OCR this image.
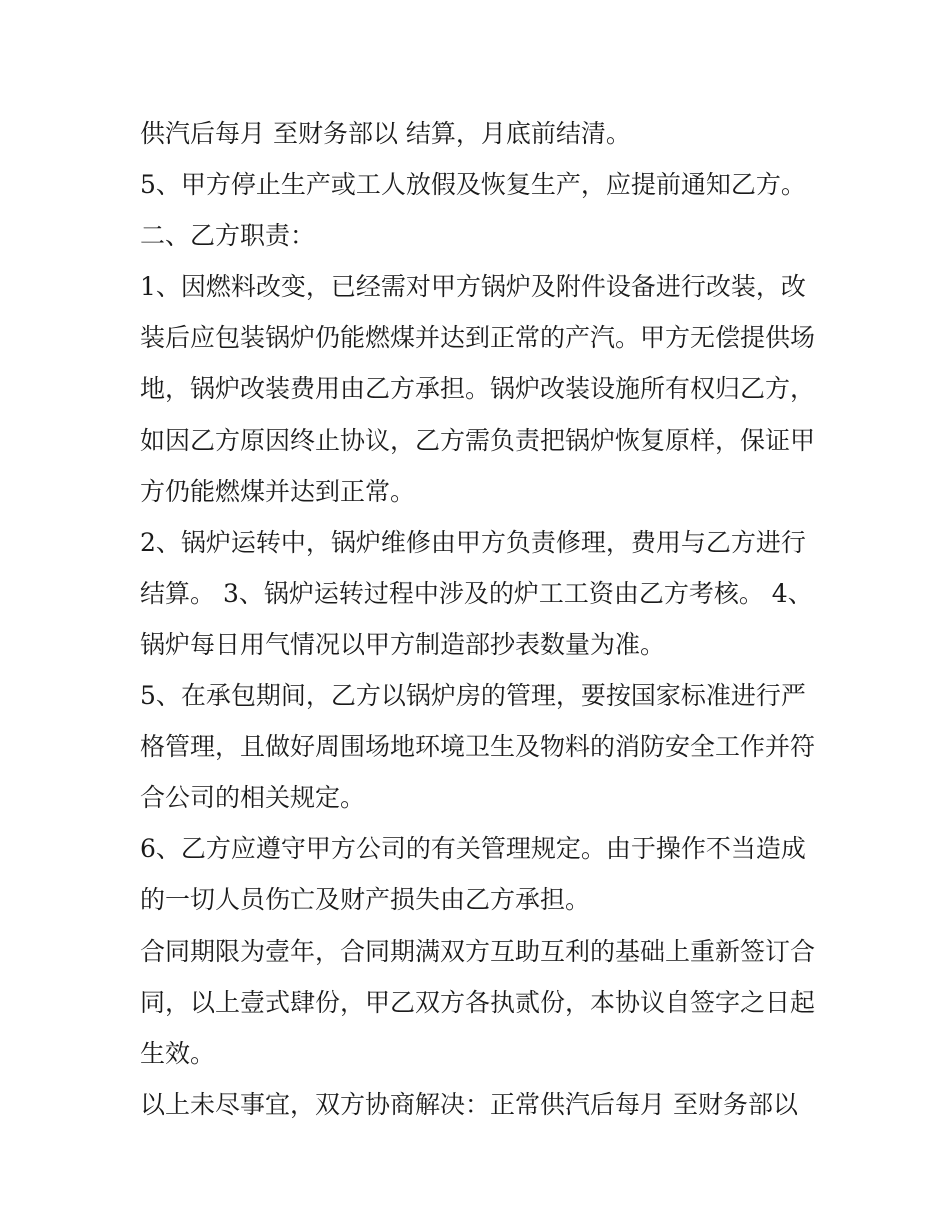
供汽后每月 至财务部以 结算，月底前结清。
5、甲方停止生产或工人放假及恢复生产，应提前通知乙方。
二、乙方职责：
1、因燃料改变，已经需对甲方锅炉及附件设备进行改装，改
装后应包装锅炉仍能燃煤并达到正常的产汽。甲方无偿提供场
地，锅炉改装费用由乙方承担。锅炉改装设施所有权归乙方，
如因乙方原因终止协议，乙方需负责把锅炉恢复原样，保证甲
方仍能燃煤并达到正常。
2、锅炉运转中，锅炉维修由甲方负责修理，费用与乙方进行
结算。 3、锅炉运转过程中涉及的炉工工资由乙方考核。 4、
锅炉每日用气情况以甲方制造部抄表数量为准。
5、在承包期间，乙方以锅炉房的管理，要按国家标准进行严
格管理，且做好周围场地环境卫生及物料的消防安全工作并符
合公司的相关规定。
6、乙方应遵守甲方公司的有关管理规定。由于操作不当造成
的一切人员伤亡及财产损失由乙方承担。
合同期限为壹年，合同期满双方互助互利的基础上重新签订合
同，以上壹式肆份，甲乙双方各执贰份，本协议自签字之日起
生效。
以上未尽事宜，双方协商解决：正常供汽后每月 至财务部以
